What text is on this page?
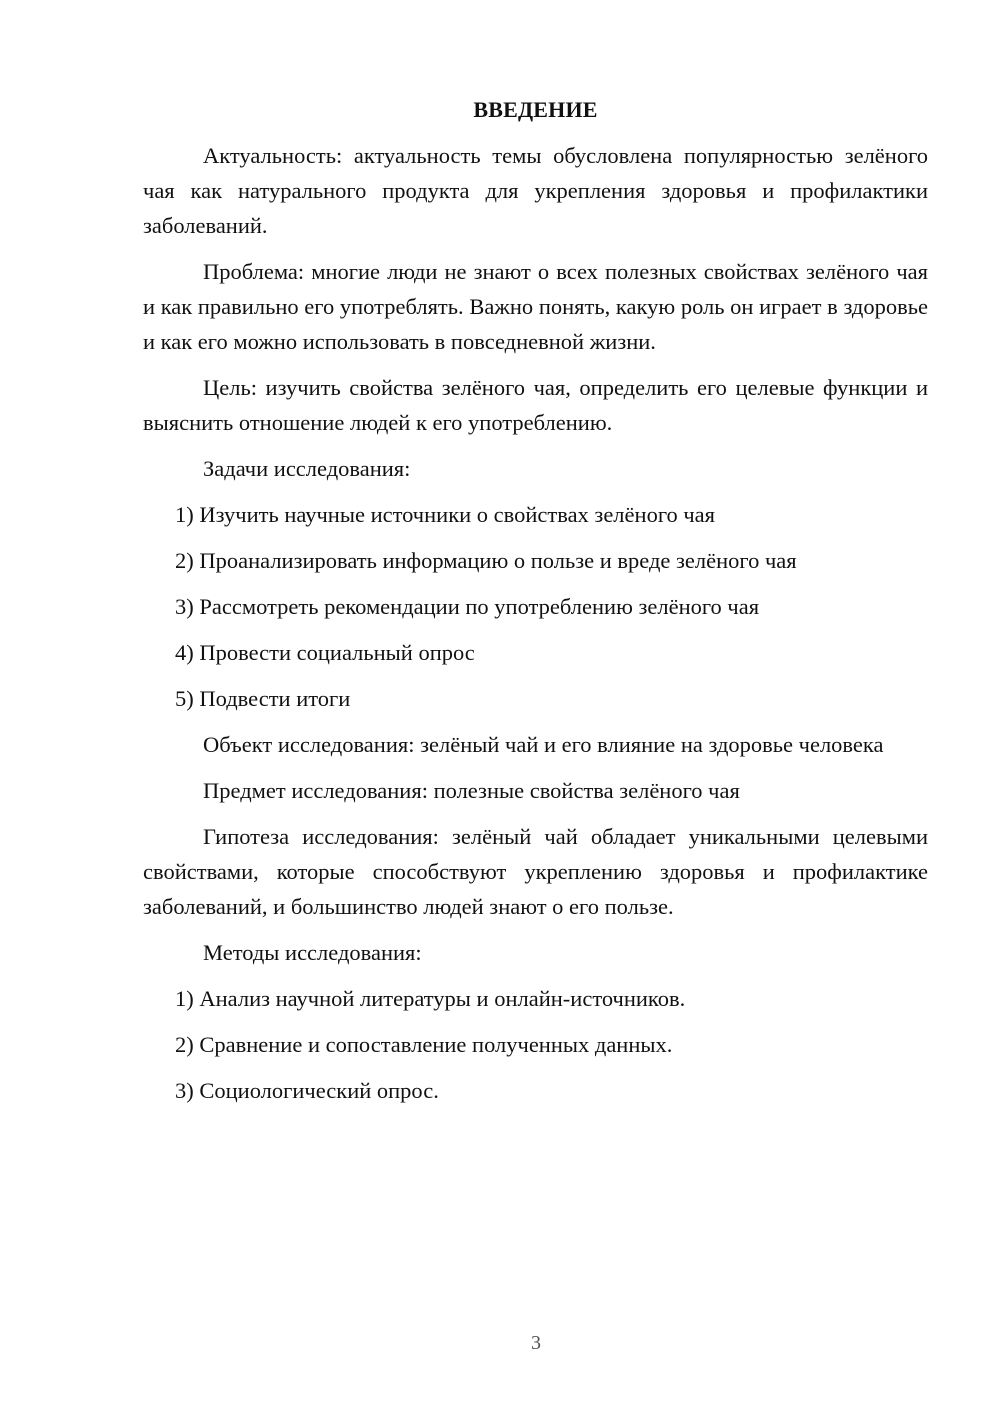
ВВЕДЕНИЕ

Актуальность: актуальность темы обусловлена популярностью зелёного чая как натурального продукта для укрепления здоровья и профилактики заболеваний.

Проблема: многие люди не знают о всех полезных свойствах зелёного чая и как правильно его употреблять. Важно понять, какую роль он играет в здоровье и как его можно использовать в повседневной жизни.

Цель: изучить свойства зелёного чая, определить его целевые функции и выяснить отношение людей к его употреблению.

Задачи исследования:

1) Изучить научные источники о свойствах зелёного чая
2) Проанализировать информацию о пользе и вреде зелёного чая
3) Рассмотреть рекомендации по употреблению зелёного чая
4) Провести социальный опрос
5) Подвести итоги

Объект исследования: зелёный чай и его влияние на здоровье человека

Предмет исследования: полезные свойства зелёного чая

Гипотеза исследования: зелёный чай обладает уникальными целевыми свойствами, которые способствуют укреплению здоровья и профилактике заболеваний, и большинство людей знают о его пользе.

Методы исследования:

1) Анализ научной литературы и онлайн-источников.
2) Сравнение и сопоставление полученных данных.
3) Социологический опрос.
3
